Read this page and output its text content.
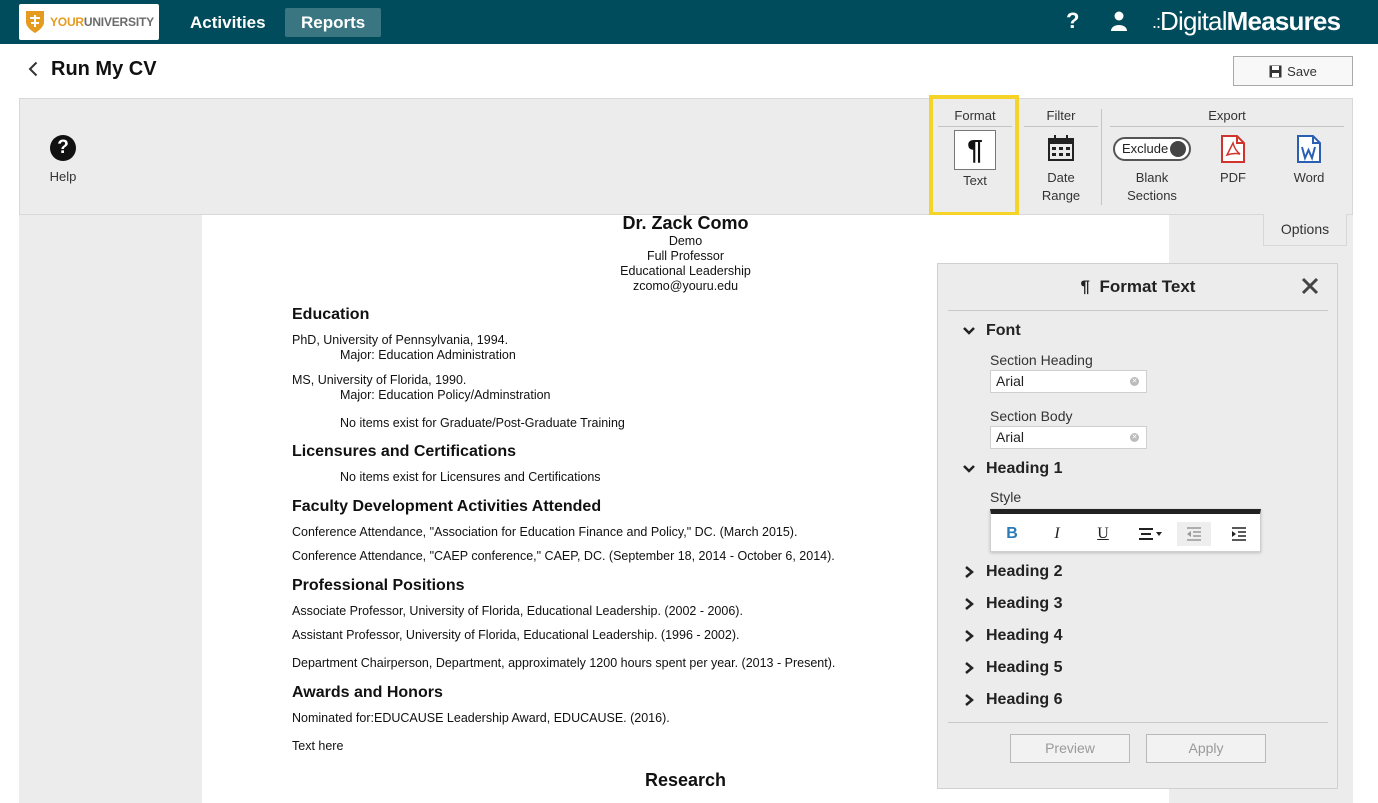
YOURUNIVERSITY	Activities	Reports	?	.:DigitalMeasures
Run My CV	Save
?
Help
Format
¶
Text
Filter
Date
Range
Export
Exclude
Blank
Sections
PDF	Word
Dr. Zack Como
Demo
Full Professor
Educational Leadership
zcomo@youru.edu
Education
PhD, University of Pennsylvania, 1994.
Major: Education Administration
MS, University of Florida, 1990.
Major: Education Policy/Adminstration
No items exist for Graduate/Post-Graduate Training
Licensures and Certifications
No items exist for Licensures and Certifications
Faculty Development Activities Attended
Conference Attendance, "Association for Education Finance and Policy," DC. (March 2015).
Conference Attendance, "CAEP conference," CAEP, DC. (September 18, 2014 - October 6, 2014).
Professional Positions
Associate Professor, University of Florida, Educational Leadership. (2002 - 2006).
Assistant Professor, University of Florida, Educational Leadership. (1996 - 2002).
Department Chairperson, Department, approximately 1200 hours spent per year. (2013 - Present).
Awards and Honors
Nominated for:EDUCAUSE Leadership Award, EDUCAUSE. (2016).
Text here
Research
Options
¶ Format Text
Font
Section Heading
Arial	✕
Section Body
Arial	✕
Heading 1
Style
B	I	U
Heading 2
Heading 3
Heading 4
Heading 5
Heading 6
Preview	Apply
